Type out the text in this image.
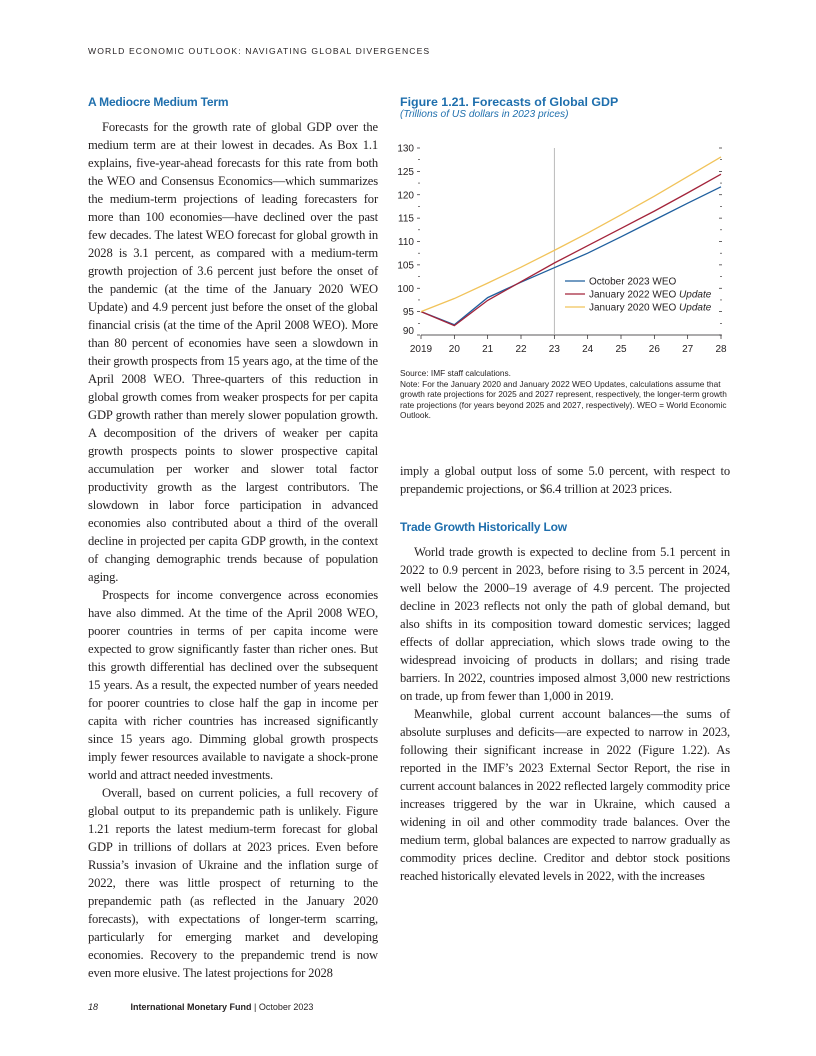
WORLD ECONOMIC OUTLOOK: NAVIGATING GLOBAL DIVERGENCES
A Mediocre Medium Term

Forecasts for the growth rate of global GDP over the medium term are at their lowest in decades. As Box 1.1 explains, five-year-ahead forecasts for this rate from both the WEO and Consensus Economics—which summarizes the medium-term projections of leading forecasters for more than 100 economies—have declined over the past few decades. The latest WEO forecast for global growth in 2028 is 3.1 percent, as compared with a medium-term growth projection of 3.6 percent just before the onset of the pandemic (at the time of the January 2020 WEO Update) and 4.9 percent just before the onset of the global financial crisis (at the time of the April 2008 WEO). More than 80 percent of economies have seen a slowdown in their growth prospects from 15 years ago, at the time of the April 2008 WEO. Three-quarters of this reduction in global growth comes from weaker prospects for per capita GDP growth rather than merely slower population growth. A decomposition of the drivers of weaker per capita growth prospects points to slower prospective capital accumulation per worker and slower total factor productivity growth as the largest contributors. The slowdown in labor force participation in advanced economies also contributed about a third of the overall decline in projected per capita GDP growth, in the context of changing demographic trends because of population aging.

Prospects for income convergence across economies have also dimmed. At the time of the April 2008 WEO, poorer countries in terms of per capita income were expected to grow significantly faster than richer ones. But this growth differential has declined over the subsequent 15 years. As a result, the expected number of years needed for poorer countries to close half the gap in income per capita with richer countries has increased significantly since 15 years ago. Dimming global growth prospects imply fewer resources available to navigate a shock-prone world and attract needed investments.

Overall, based on current policies, a full recovery of global output to its prepandemic path is unlikely. Figure 1.21 reports the latest medium-term forecast for global GDP in trillions of dollars at 2023 prices. Even before Russia’s invasion of Ukraine and the inflation surge of 2022, there was little prospect of returning to the prepandemic path (as reflected in the January 2020 forecasts), with expectations of longer-term scarring, particularly for emerging market and developing economies. Recovery to the prepandemic trend is now even more elusive. The latest projections for 2028

Figure 1.21. Forecasts of Global GDP
(Trillions of US dollars in 2023 prices)
90
95
100
105
110
115
120
125
130
2019 20 21 22 23 24 25 26 27 28
October 2023 WEO
January 2022 WEO Update
January 2020 WEO Update
Source: IMF staff calculations.
Note: For the January 2020 and January 2022 WEO Updates, calculations assume that growth rate projections for 2025 and 2027 represent, respectively, the longer-term growth rate projections (for years beyond 2025 and 2027, respectively). WEO = World Economic Outlook.

imply a global output loss of some 5.0 percent, with respect to prepandemic projections, or $6.4 trillion at 2023 prices.

Trade Growth Historically Low

World trade growth is expected to decline from 5.1 percent in 2022 to 0.9 percent in 2023, before rising to 3.5 percent in 2024, well below the 2000–19 average of 4.9 percent. The projected decline in 2023 reflects not only the path of global demand, but also shifts in its composition toward domestic services; lagged effects of dollar appreciation, which slows trade owing to the widespread invoicing of products in dollars; and rising trade barriers. In 2022, countries imposed almost 3,000 new restrictions on trade, up from fewer than 1,000 in 2019.

Meanwhile, global current account balances—the sums of absolute surpluses and deficits—are expected to narrow in 2023, following their significant increase in 2022 (Figure 1.22). As reported in the IMF’s 2023 External Sector Report, the rise in current account balances in 2022 reflected largely commodity price increases triggered by the war in Ukraine, which caused a widening in oil and other commodity trade balances. Over the medium term, global balances are expected to narrow gradually as commodity prices decline. Creditor and debtor stock positions reached historically elevated levels in 2022, with the increases

18	International Monetary Fund | October 2023
